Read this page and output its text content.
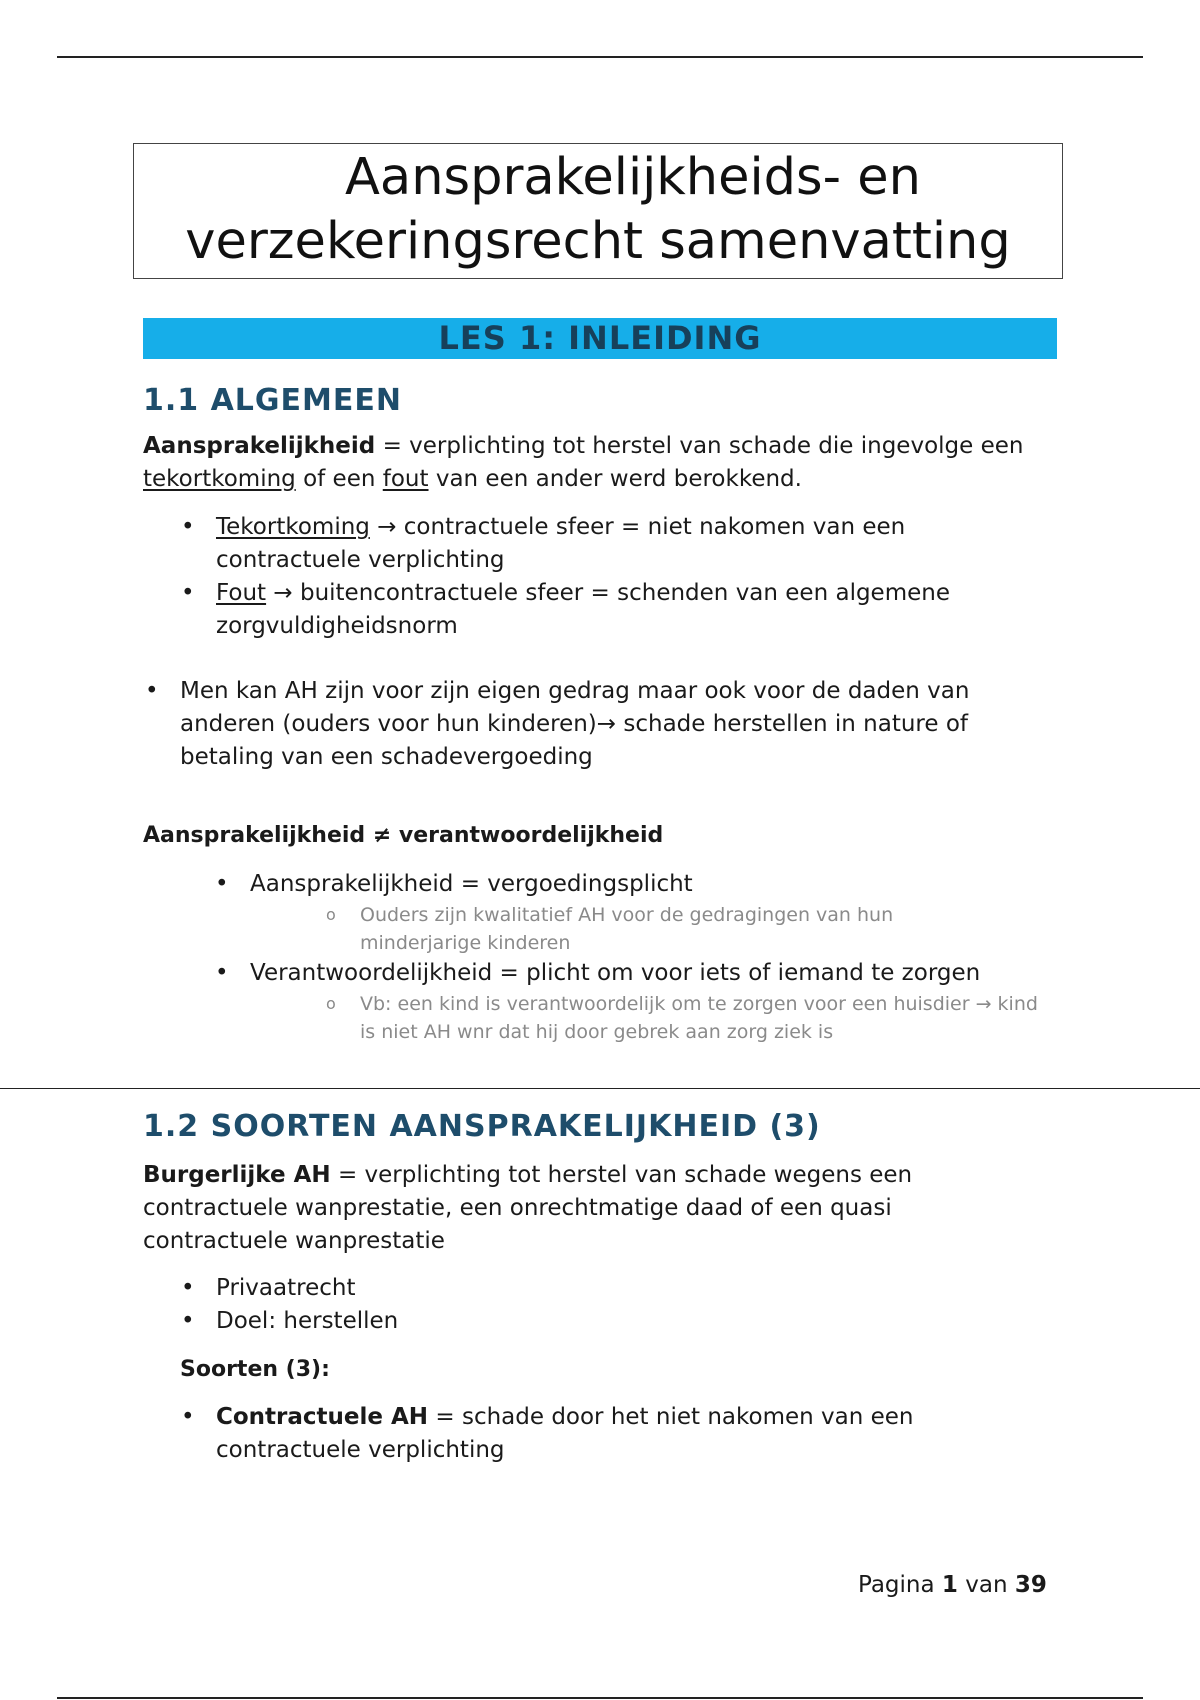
Aansprakelijkheids- en
verzekeringsrecht samenvatting
LES 1: INLEIDING
1.1 ALGEMEEN
Aansprakelijkheid = verplichting tot herstel van schade die ingevolge een tekortkoming of een fout van een ander werd berokkend.
• Tekortkoming → contractuele sfeer = niet nakomen van een contractuele verplichting
• Fout → buitencontractuele sfeer = schenden van een algemene zorgvuldigheidsnorm
• Men kan AH zijn voor zijn eigen gedrag maar ook voor de daden van anderen (ouders voor hun kinderen)→ schade herstellen in nature of betaling van een schadevergoeding
Aansprakelijkheid ≠ verantwoordelijkheid
• Aansprakelijkheid = vergoedingsplicht
o Ouders zijn kwalitatief AH voor de gedragingen van hun minderjarige kinderen
• Verantwoordelijkheid = plicht om voor iets of iemand te zorgen
o Vb: een kind is verantwoordelijk om te zorgen voor een huisdier → kind is niet AH wnr dat hij door gebrek aan zorg ziek is
1.2 SOORTEN AANSPRAKELIJKHEID (3)
Burgerlijke AH = verplichting tot herstel van schade wegens een contractuele wanprestatie, een onrechtmatige daad of een quasi contractuele wanprestatie
• Privaatrecht
• Doel: herstellen
Soorten (3):
• Contractuele AH = schade door het niet nakomen van een contractuele verplichting
Pagina 1 van 39
